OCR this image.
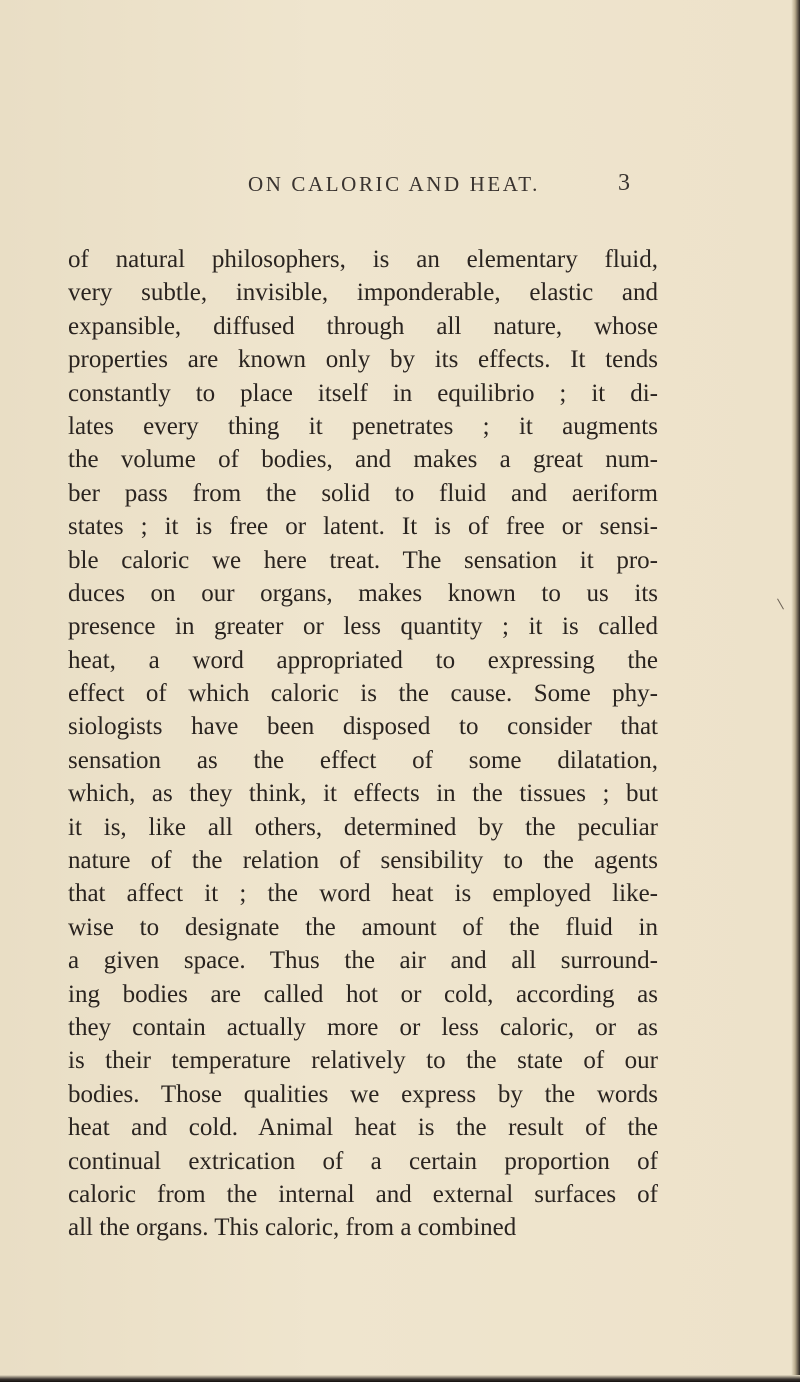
ON CALORIC AND HEAT.	3
of natural philosophers, is an elementary fluid,
very subtle, invisible, imponderable, elastic and
expansible, diffused through all nature, whose
properties are known only by its effects. It tends
constantly to place itself in equilibrio ; it di-
lates every thing it penetrates ; it augments
the volume of bodies, and makes a great num-
ber pass from the solid to fluid and aeriform
states ; it is free or latent. It is of free or sensi-
ble caloric we here treat. The sensation it pro-
duces on our organs, makes known to us its
presence in greater or less quantity ; it is called
heat, a word appropriated to expressing the
effect of which caloric is the cause. Some phy-
siologists have been disposed to consider that
sensation as the effect of some dilatation,
which, as they think, it effects in the tissues ; but
it is, like all others, determined by the peculiar
nature of the relation of sensibility to the agents
that affect it ; the word heat is employed like-
wise to designate the amount of the fluid in
a given space. Thus the air and all surround-
ing bodies are called hot or cold, according as
they contain actually more or less caloric, or as
is their temperature relatively to the state of our
bodies. Those qualities we express by the words
heat and cold. Animal heat is the result of the
continual extrication of a certain proportion of
caloric from the internal and external surfaces of
all the organs. This caloric, from a combined
